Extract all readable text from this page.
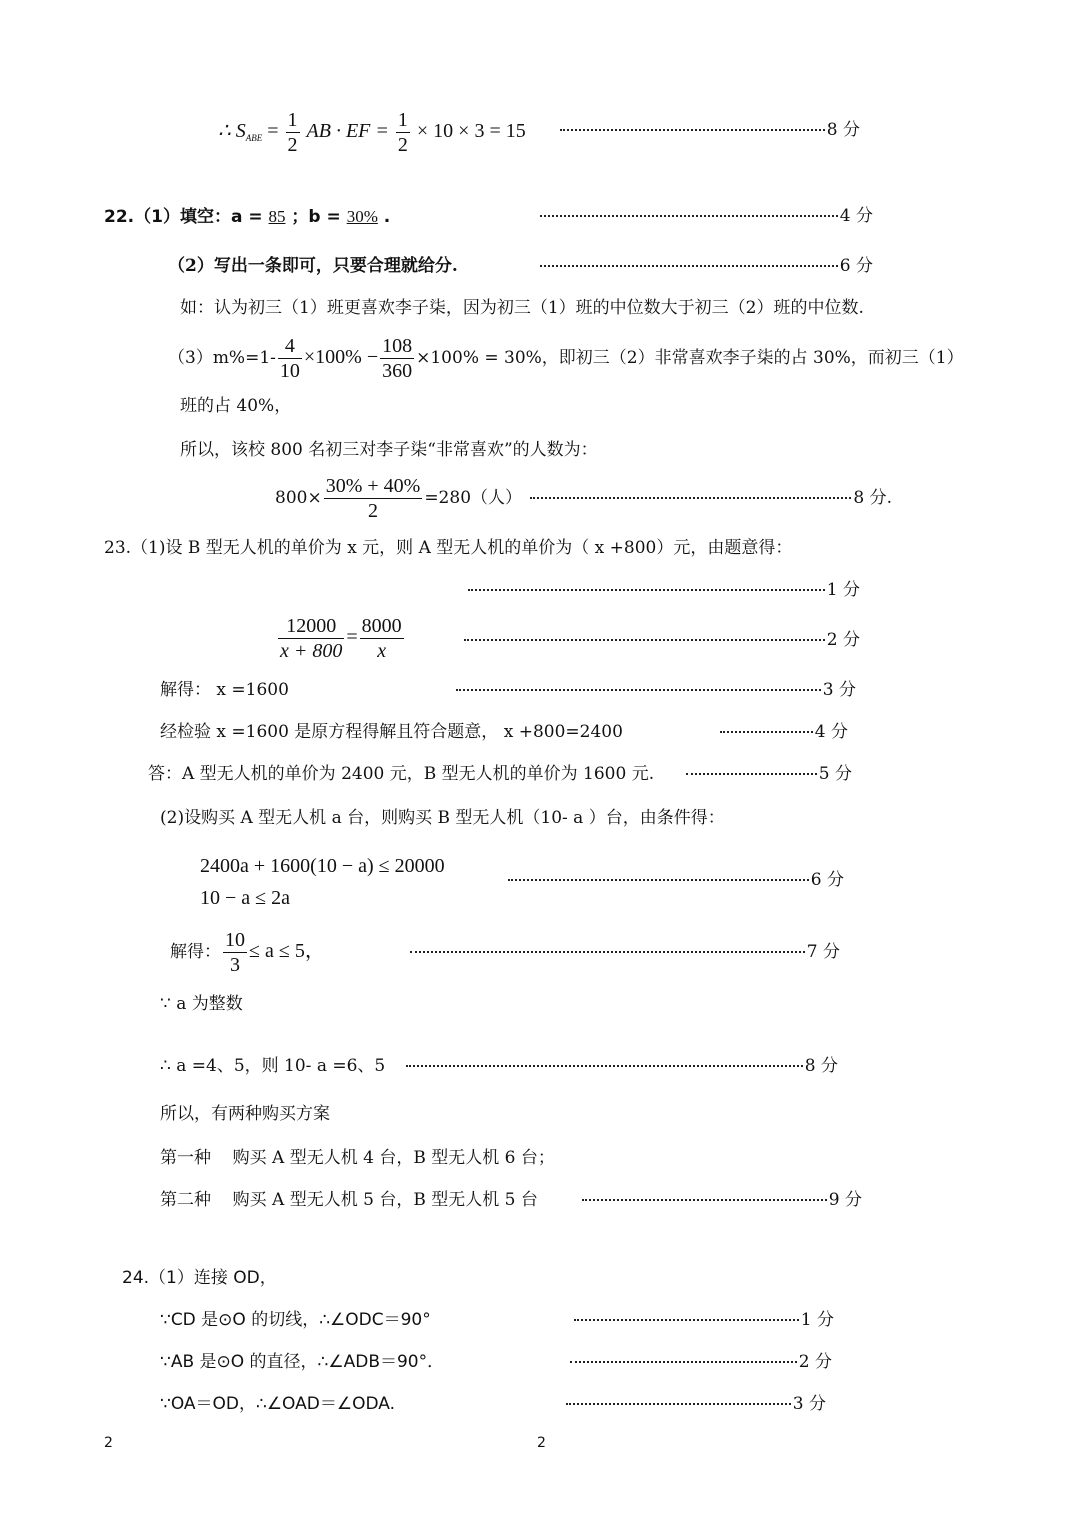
∴ $S_{ABE} = \frac{1}{2}$ AB · EF = $\frac{1}{2} \times 10 \times 3 = 15$	8 分
22.（1）填空：a = 85 ；b = 30% .	4 分
（2）写出一条即可，只要合理就给分.	6 分
如：认为初三（1）班更喜欢李子柒，因为初三（1）班的中位数大于初三（2）班的中位数.
$(3)m\%=1- \frac{4}{10} \times 100\% - \frac{108}{360} \times 100\% = 30\%$，即初三（2）非常喜欢李子柒的占 30%，而初三（1）
班的占 40%，
所以，该校 800 名初三对李子柒“非常喜欢”的人数为：
$800\times \frac{30\% + 40\%}{2} =280$（人）	8 分.
23.（1)设 B 型无人机的单价为 x 元，则 A 型无人机的单价为（ x +800）元，由题意得：
1 分
$\frac{12000}{x + 800} = \frac{8000}{x}$	2 分
解得： x =1600	3 分
经检验 x =1600 是原方程得解且符合题意， x +800=2400	4 分
答：A 型无人机的单价为 2400 元，B 型无人机的单价为 1600 元.	5 分
(2)设购买 A 型无人机 a 台，则购买 B 型无人机（10- a ）台，由条件得：
2400a + 1600(10 − a) ≤ 20000
10 − a ≤ 2a
6 分
解得： $\frac{10}{3} \le a \le 5$，	7 分
∵ a 为整数
∴ a =4、5，则 10- a =6、5	8 分
所以，有两种购买方案
第一种    购买 A 型无人机 4 台，B 型无人机 6 台；
第二种    购买 A 型无人机 5 台，B 型无人机 5 台	9 分
24.（1）连接 OD，
∵CD 是⊙O 的切线，∴∠ODC＝90°	1 分
∵AB 是⊙O 的直径，∴∠ADB＝90°．	2 分
∵OA＝OD，∴∠OAD＝∠ODA.	3 分
2	2
